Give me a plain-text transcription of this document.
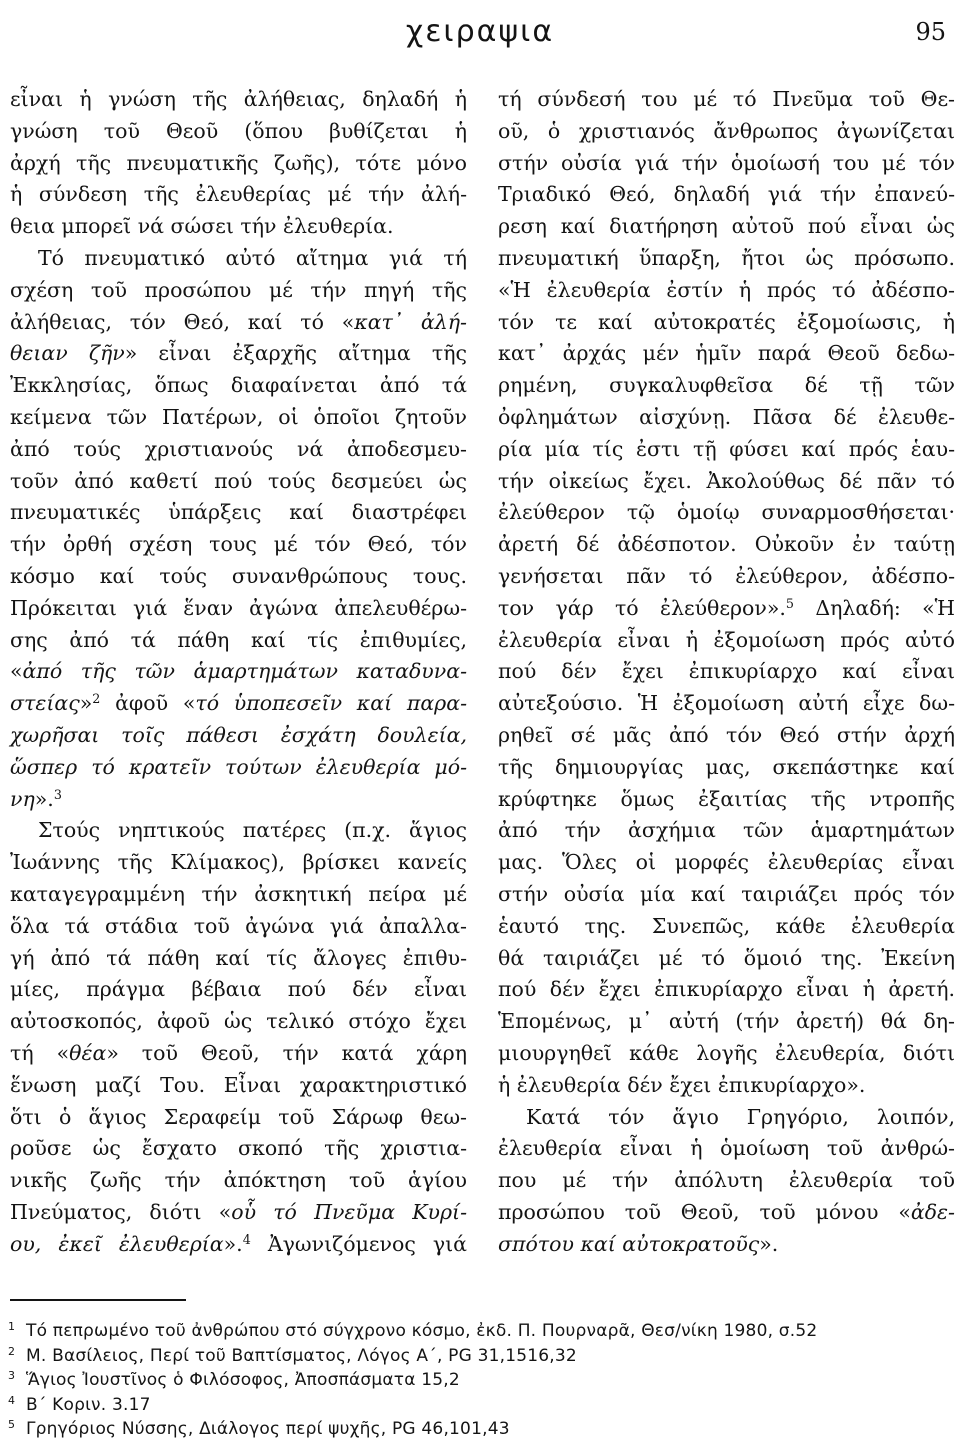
χειραψια	95
εἶναι ἡ γνώση τῆς ἀλήθειας, δηλαδή ἡ
γνώση τοῦ Θεοῦ (ὅπου βυθίζεται ἡ
ἀρχή τῆς πνευματικῆς ζωῆς), τότε μόνο
ἡ σύνδεση τῆς ἐλευθερίας μέ τήν ἀλή-
θεια μπορεῖ νά σώσει τήν ἐλευθερία.
Τό πνευματικό αὐτό αἴτημα γιά τή
σχέση τοῦ προσώπου μέ τήν πηγή τῆς
ἀλήθειας, τόν Θεό, καί τό «κατ᾽ ἀλή-
θειαν ζῆν» εἶναι ἐξαρχῆς αἴτημα τῆς
Ἐκκλησίας, ὅπως διαφαίνεται ἀπό τά
κείμενα τῶν Πατέρων, οἱ ὁποῖοι ζητοῦν
ἀπό τούς χριστιανούς νά ἀποδεσμευ-
τοῦν ἀπό καθετί πού τούς δεσμεύει ὡς
πνευματικές ὑπάρξεις καί διαστρέφει
τήν ὀρθή σχέση τους μέ τόν Θεό, τόν
κόσμο καί τούς συνανθρώπους τους.
Πρόκειται γιά ἕναν ἀγώνα ἀπελευθέρω-
σης ἀπό τά πάθη καί τίς ἐπιθυμίες,
«ἀπό τῆς τῶν ἁμαρτημάτων καταδυνα-
στείας»$^2$ ἀφοῦ «τό ὑποπεσεῖν καί παρα-
χωρῆσαι τοῖς πάθεσι ἐσχάτη δουλεία,
ὥσπερ τό κρατεῖν τούτων ἐλευθερία μό-
νη».$^3$
Στούς νηπτικούς πατέρες (π.χ. ἅγιος
Ἰωάννης τῆς Κλίμακος), βρίσκει κανείς
καταγεγραμμένη τήν ἀσκητική πείρα μέ
ὅλα τά στάδια τοῦ ἀγώνα γιά ἀπαλλα-
γή ἀπό τά πάθη καί τίς ἄλογες ἐπιθυ-
μίες, πράγμα βέβαια πού δέν εἶναι
αὐτοσκοπός, ἀφοῦ ὡς τελικό στόχο ἔχει
τή «θέα» τοῦ Θεοῦ, τήν κατά χάρη
ἕνωση μαζί Του. Εἶναι χαρακτηριστικό
ὅτι ὁ ἅγιος Σεραφείμ τοῦ Σάρωφ θεω-
ροῦσε ὡς ἔσχατο σκοπό τῆς χριστια-
νικῆς ζωῆς τήν ἀπόκτηση τοῦ ἁγίου
Πνεύματος, διότι «οὗ τό Πνεῦμα Κυρί-
ου, ἐκεῖ ἐλευθερία».$^4$ Ἀγωνιζόμενος γιά
τή σύνδεσή του μέ τό Πνεῦμα τοῦ Θε-
οῦ, ὁ χριστιανός ἄνθρωπος ἀγωνίζεται
στήν οὐσία γιά τήν ὁμοίωσή του μέ τόν
Τριαδικό Θεό, δηλαδή γιά τήν ἐπανεύ-
ρεση καί διατήρηση αὐτοῦ πού εἶναι ὡς
πνευματική ὕπαρξη, ἤτοι ὡς πρόσωπο.
«Ἡ ἐλευθερία ἐστίν ἡ πρός τό ἀδέσπο-
τόν τε καί αὐτοκρατές ἐξομοίωσις, ἡ
κατ᾽ ἀρχάς μέν ἡμῖν παρά Θεοῦ δεδω-
ρημένη, συγκαλυφθεῖσα δέ τῇ τῶν
ὀφλημάτων αἰσχύνῃ. Πᾶσα δέ ἐλευθε-
ρία μία τίς ἐστι τῇ φύσει καί πρός ἑαυ-
τήν οἰκείως ἔχει. Ἀκολούθως δέ πᾶν τό
ἐλεύθερον τῷ ὁμοίῳ συναρμοσθήσεται·
ἀρετή δέ ἀδέσποτον. Οὐκοῦν ἐν ταύτῃ
γενήσεται πᾶν τό ἐλεύθερον, ἀδέσπο-
τον γάρ τό ἐλεύθερον».$^5$ Δηλαδή: «Ἡ
ἐλευθερία εἶναι ἡ ἐξομοίωση πρός αὐτό
πού δέν ἔχει ἐπικυρίαρχο καί εἶναι
αὐτεξούσιο. Ἡ ἐξομοίωση αὐτή εἶχε δω-
ρηθεῖ σέ μᾶς ἀπό τόν Θεό στήν ἀρχή
τῆς δημιουργίας μας, σκεπάστηκε καί
κρύφτηκε ὅμως ἐξαιτίας τῆς ντροπῆς
ἀπό τήν ἀσχήμια τῶν ἁμαρτημάτων
μας. Ὅλες οἱ μορφές ἐλευθερίας εἶναι
στήν οὐσία μία καί ταιριάζει πρός τόν
ἑαυτό της. Συνεπῶς, κάθε ἐλευθερία
θά ταιριάζει μέ τό ὅμοιό της. Ἐκείνη
πού δέν ἔχει ἐπικυρίαρχο εἶναι ἡ ἀρετή.
Ἑπομένως, μ᾽ αὐτή (τήν ἀρετή) θά δη-
μιουργηθεῖ κάθε λογῆς ἐλευθερία, διότι
ἡ ἐλευθερία δέν ἔχει ἐπικυρίαρχο».
Κατά τόν ἅγιο Γρηγόριο, λοιπόν,
ἐλευθερία εἶναι ἡ ὁμοίωση τοῦ ἀνθρώ-
που μέ τήν ἀπόλυτη ἐλευθερία τοῦ
προσώπου τοῦ Θεοῦ, τοῦ μόνου «ἀδε-
σπότου καί αὐτοκρατοῦς».
1 Τό πεπρωμένο τοῦ ἀνθρώπου στό σύγχρονο κόσμο, ἐκδ. Π. Πουρναρᾶ, Θεσ/νίκη 1980, σ.52
2 Μ. Βασίλειος, Περί τοῦ Βαπτίσματος, Λόγος Α΄, PG 31,1516,32
3 Ἅγιος Ἰουστῖνος ὁ Φιλόσοφος, Ἀποσπάσματα 15,2
4 Β΄ Κοριν. 3.17
5 Γρηγόριος Νύσσης, Διάλογος περί ψυχῆς, PG 46,101,43
